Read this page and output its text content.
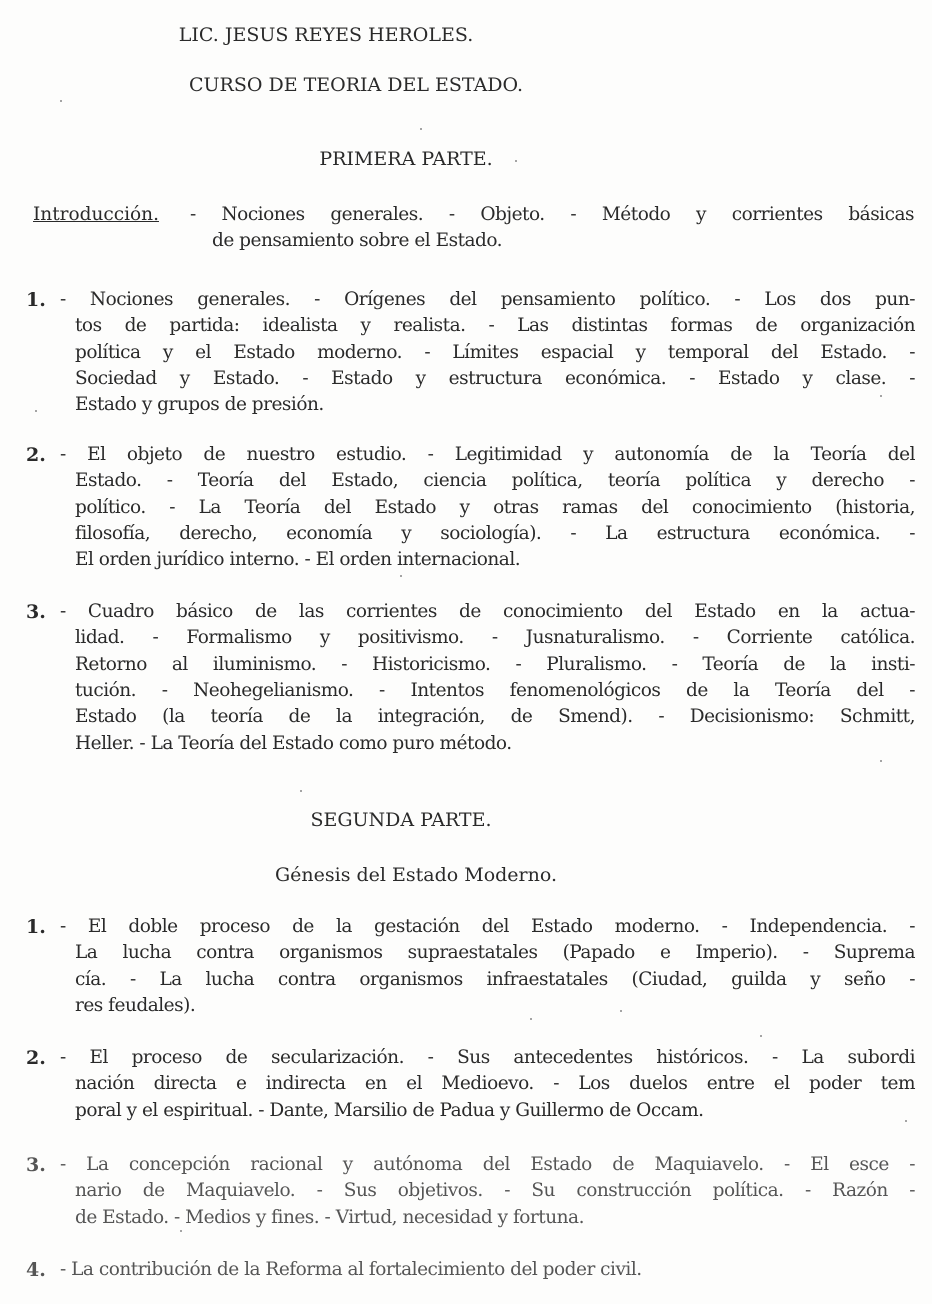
LIC. JESUS REYES HEROLES.
CURSO DE TEORIA DEL ESTADO.
PRIMERA PARTE.
Introducción.
SEGUNDA PARTE.
Génesis del Estado Moderno.
- Nociones generales. - Objeto. - Método y corrientes básicas
de pensamiento sobre el Estado.
1. - Nociones generales. - Orígenes del pensamiento político. - Los dos pun-
tos de partida: idealista y realista. - Las distintas formas de organización
política y el Estado moderno. - Límites espacial y temporal del Estado. -
Sociedad y Estado. - Estado y estructura económica. - Estado y clase. -
Estado y grupos de presión.
2. - El objeto de nuestro estudio. - Legitimidad y autonomía de la Teoría del
Estado. - Teoría del Estado, ciencia política, teoría política y derecho -
político. - La Teoría del Estado y otras ramas del conocimiento (historia,
filosofía, derecho, economía y sociología). - La estructura económica. -
El orden jurídico interno. - El orden internacional.
3. - Cuadro básico de las corrientes de conocimiento del Estado en la actua-
lidad. - Formalismo y positivismo. - Jusnaturalismo. - Corriente católica.
Retorno al iluminismo. - Historicismo. - Pluralismo. - Teoría de la insti-
tución. - Neohegelianismo. - Intentos fenomenológicos de la Teoría del -
Estado (la teoría de la integración, de Smend). - Decisionismo: Schmitt,
Heller. - La Teoría del Estado como puro método.
1. - El doble proceso de la gestación del Estado moderno. - Independencia. -
La lucha contra organismos supraestatales (Papado e Imperio). - Suprema
cía. - La lucha contra organismos infraestatales (Ciudad, guilda y seño -
res feudales).
2. - El proceso de secularización. - Sus antecedentes históricos. - La subordi
nación directa e indirecta en el Medioevo. - Los duelos entre el poder tem
poral y el espiritual. - Dante, Marsilio de Padua y Guillermo de Occam.
3. - La concepción racional y autónoma del Estado de Maquiavelo. - El esce -
nario de Maquiavelo. - Sus objetivos. - Su construcción política. - Razón -
de Estado. - Medios y fines. - Virtud, necesidad y fortuna.
4. - La contribución de la Reforma al fortalecimiento del poder civil.
